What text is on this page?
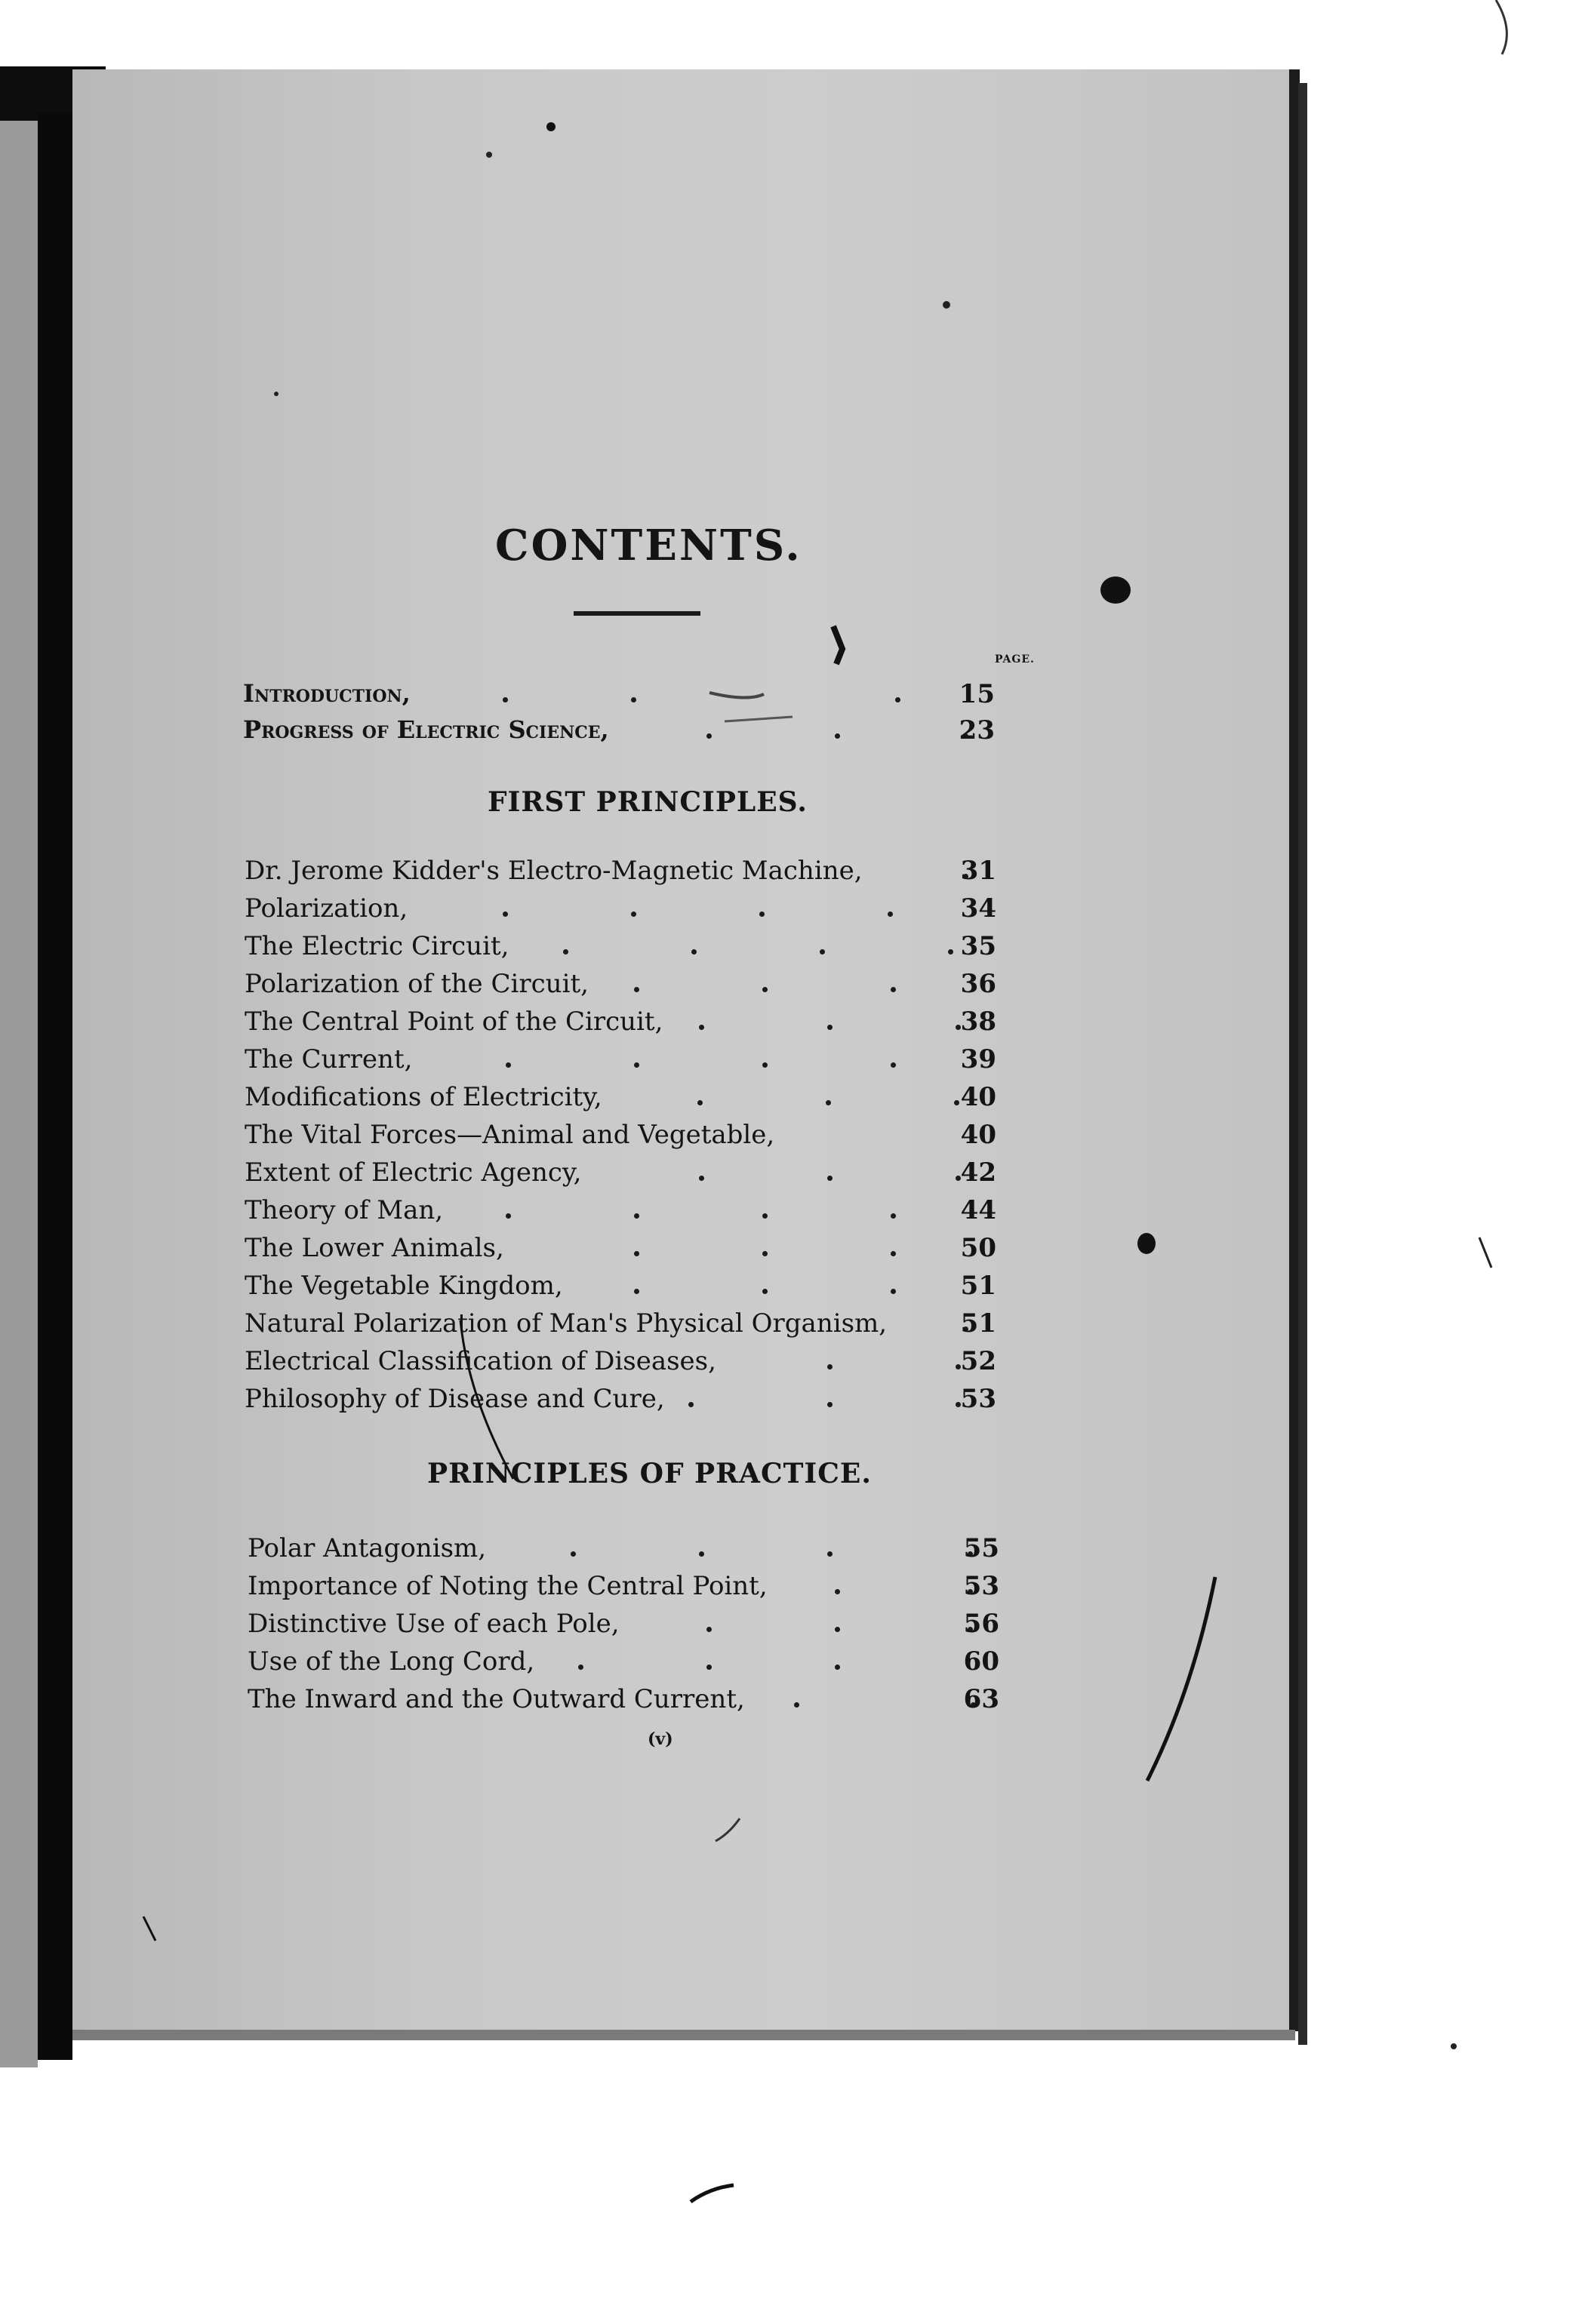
CONTENTS.
PAGE.
Introduction,	15
Progress of Electric Science,	23
FIRST PRINCIPLES.
Dr. Jerome Kidder's Electro-Magnetic Machine,	31
Polarization,	34
The Electric Circuit,	35
Polarization of the Circuit,	36
The Central Point of the Circuit,	38
The Current,	39
Modifications of Electricity,	40
The Vital Forces—Animal and Vegetable,	40
Extent of Electric Agency,	42
Theory of Man,	44
The Lower Animals,	50
The Vegetable Kingdom,	51
Natural Polarization of Man's Physical Organism,	51
Electrical Classification of Diseases,	52
Philosophy of Disease and Cure,	53
PRINCIPLES OF PRACTICE.
Polar Antagonism,	55
Importance of Noting the Central Point,	53
Distinctive Use of each Pole,	56
Use of the Long Cord,	60
The Inward and the Outward Current,	63
(v)
